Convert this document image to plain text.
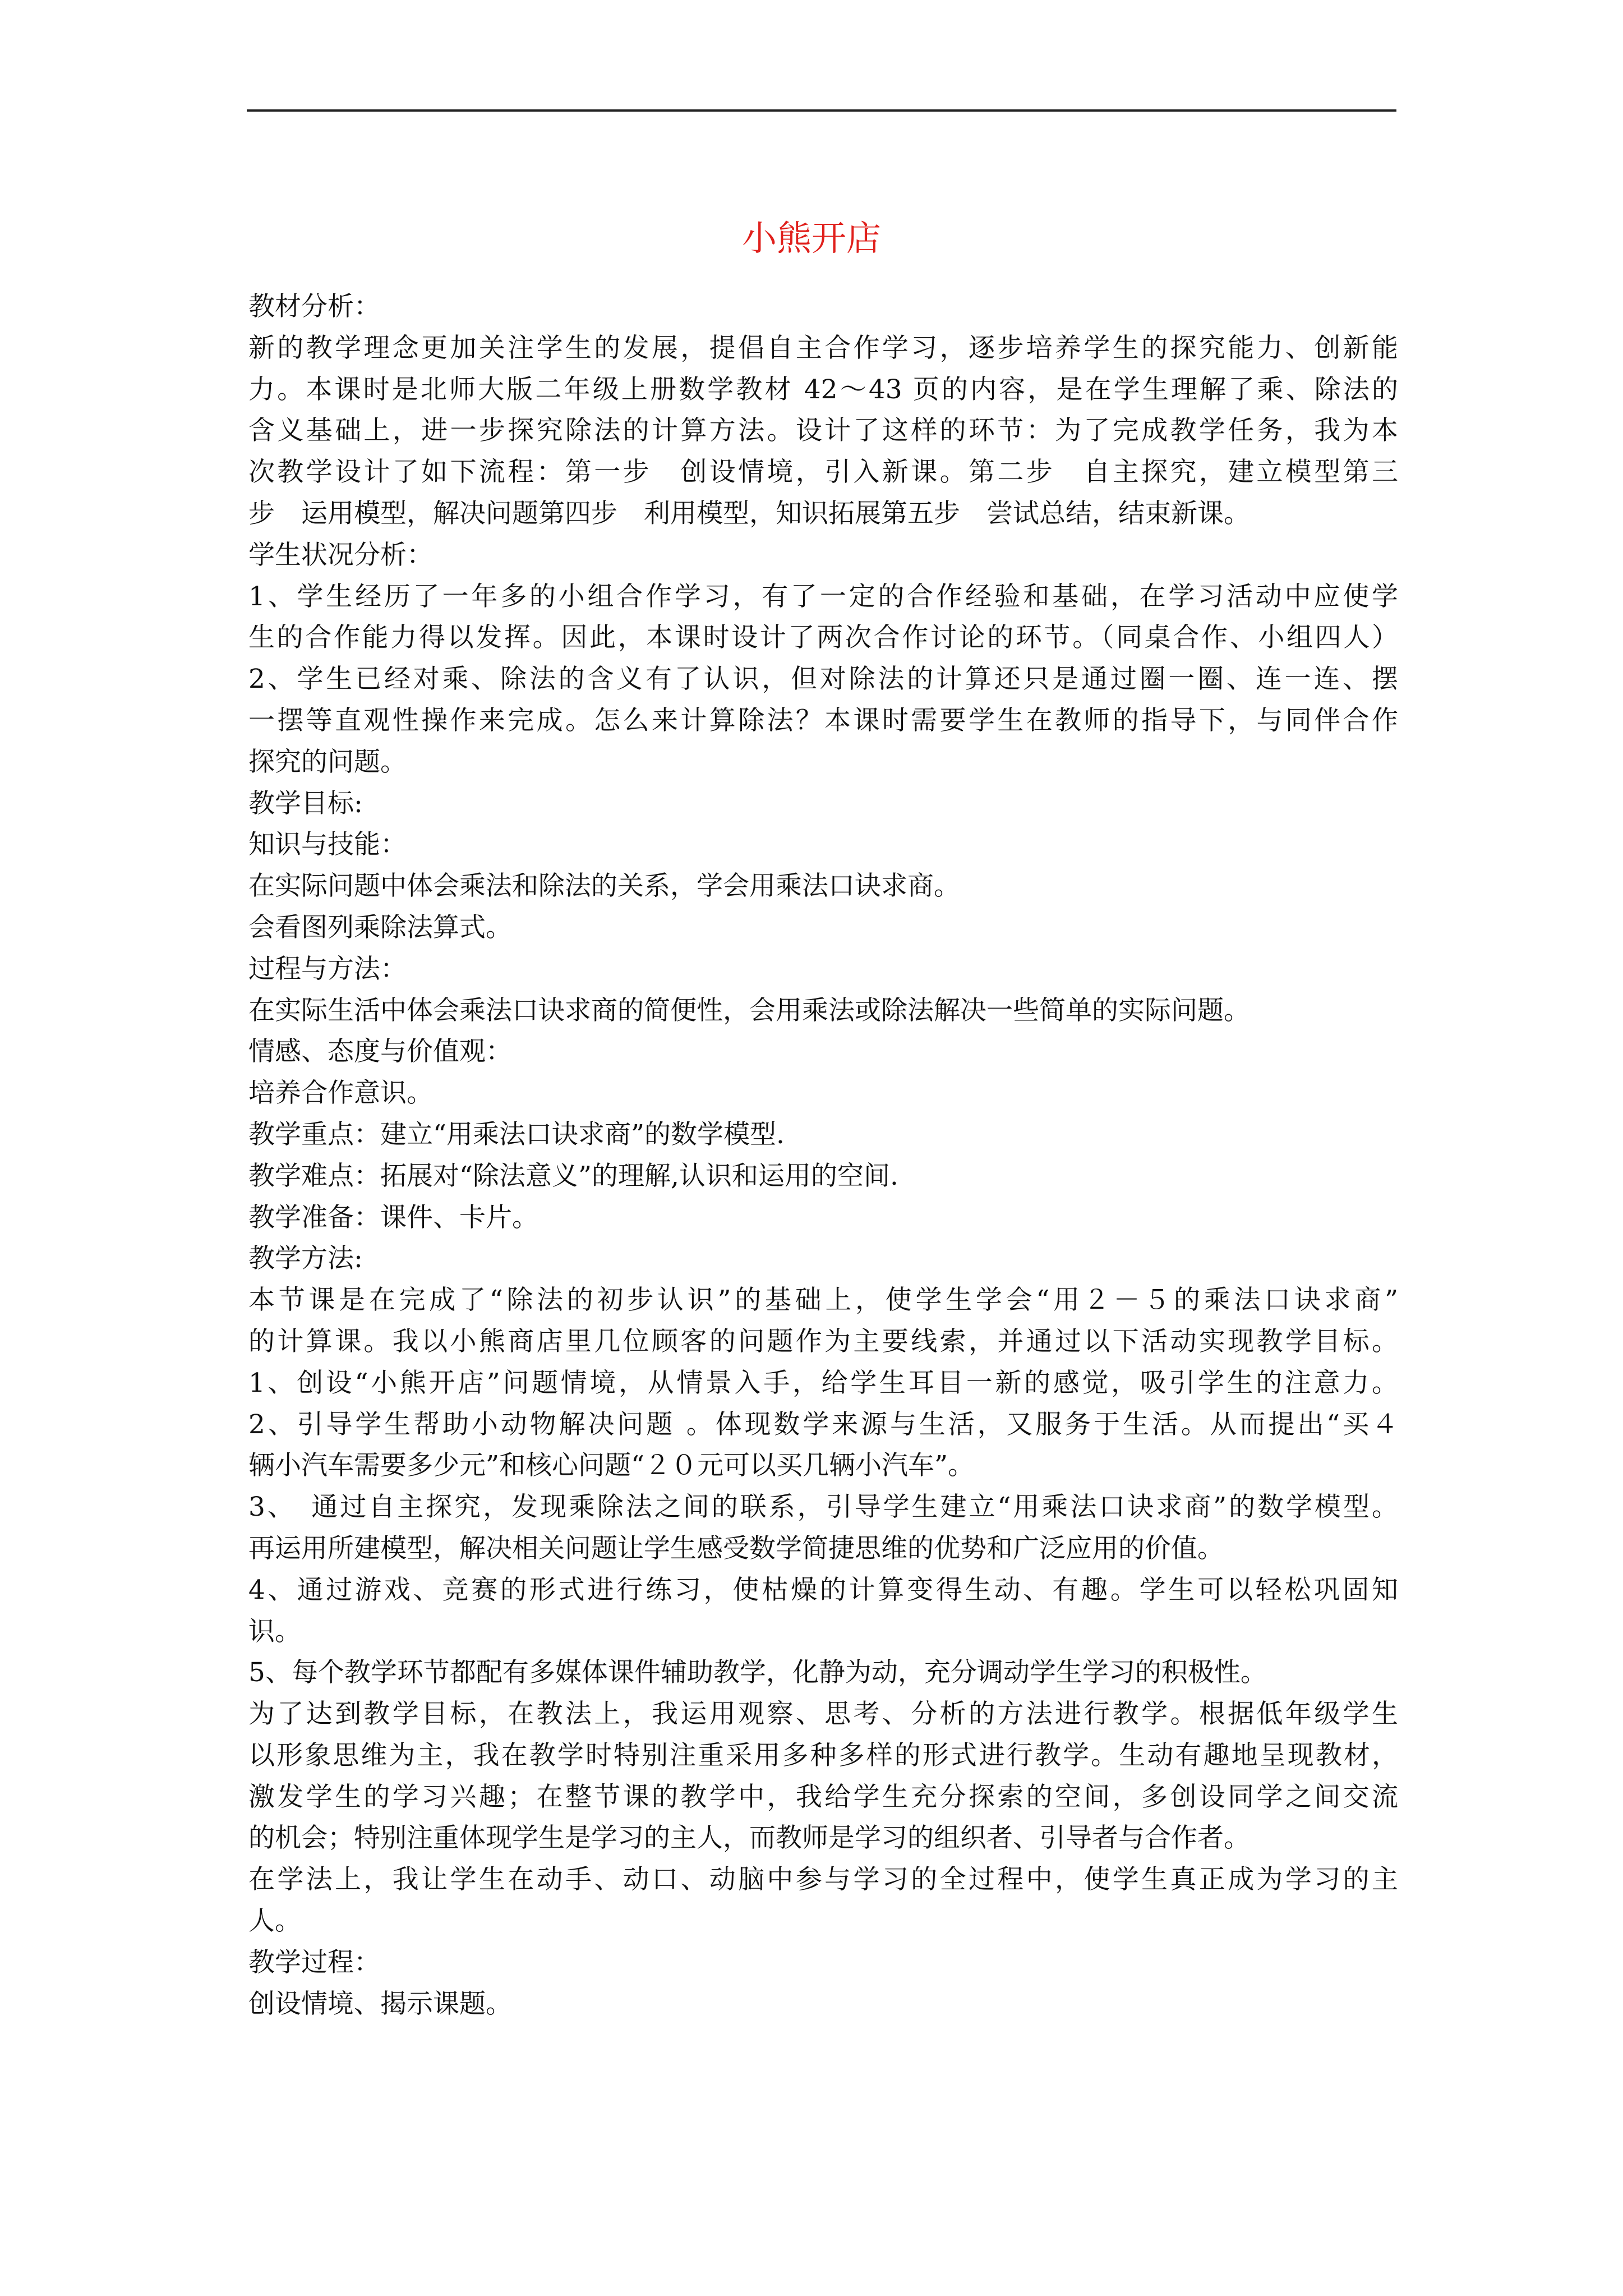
小熊开店
教材分析：
新的教学理念更加关注学生的发展，提倡自主合作学习，逐步培养学生的探究能力、创新能
力。本课时是北师大版二年级上册数学教材 42～43 页的内容，是在学生理解了乘、除法的
含义基础上，进一步探究除法的计算方法。设计了这样的环节：为了完成教学任务，我为本
次教学设计了如下流程：第一步　创设情境，引入新课。第二步　自主探究，建立模型第三
步　运用模型，解决问题第四步　利用模型，知识拓展第五步　尝试总结，结束新课。
学生状况分析：
1、学生经历了一年多的小组合作学习，有了一定的合作经验和基础，在学习活动中应使学
生的合作能力得以发挥。因此，本课时设计了两次合作讨论的环节。（同桌合作、小组四人）
2、学生已经对乘、除法的含义有了认识，但对除法的计算还只是通过圈一圈、连一连、摆
一摆等直观性操作来完成。怎么来计算除法？本课时需要学生在教师的指导下，与同伴合作
探究的问题。
教学目标:
知识与技能：
在实际问题中体会乘法和除法的关系，学会用乘法口诀求商。
会看图列乘除法算式。
过程与方法：
在实际生活中体会乘法口诀求商的简便性，会用乘法或除法解决一些简单的实际问题。
情感、态度与价值观：
培养合作意识。
教学重点：建立“用乘法口诀求商”的数学模型.
教学难点：拓展对“除法意义”的理解,认识和运用的空间.
教学准备：课件、卡片。
教学方法:
本节课是在完成了“除法的初步认识”的基础上，使学生学会“用２－５的乘法口诀求商”
的计算课。我以小熊商店里几位顾客的问题作为主要线索，并通过以下活动实现教学目标。
1、创设“小熊开店”问题情境，从情景入手，给学生耳目一新的感觉，吸引学生的注意力。
2、引导学生帮助小动物解决问题 。体现数学来源与生活，又服务于生活。从而提出“买４
辆小汽车需要多少元”和核心问题“２０元可以买几辆小汽车”。
3、　通过自主探究，发现乘除法之间的联系，引导学生建立“用乘法口诀求商”的数学模型。
再运用所建模型，解决相关问题让学生感受数学简捷思维的优势和广泛应用的价值。
4、通过游戏、竞赛的形式进行练习，使枯燥的计算变得生动、有趣。学生可以轻松巩固知
识。
5、每个教学环节都配有多媒体课件辅助教学，化静为动，充分调动学生学习的积极性。
为了达到教学目标，在教法上，我运用观察、思考、分析的方法进行教学。根据低年级学生
以形象思维为主，我在教学时特别注重采用多种多样的形式进行教学。生动有趣地呈现教材，
激发学生的学习兴趣；在整节课的教学中，我给学生充分探索的空间，多创设同学之间交流
的机会；特别注重体现学生是学习的主人，而教师是学习的组织者、引导者与合作者。
在学法上，我让学生在动手、动口、动脑中参与学习的全过程中，使学生真正成为学习的主
人。
教学过程：
创设情境、揭示课题。
